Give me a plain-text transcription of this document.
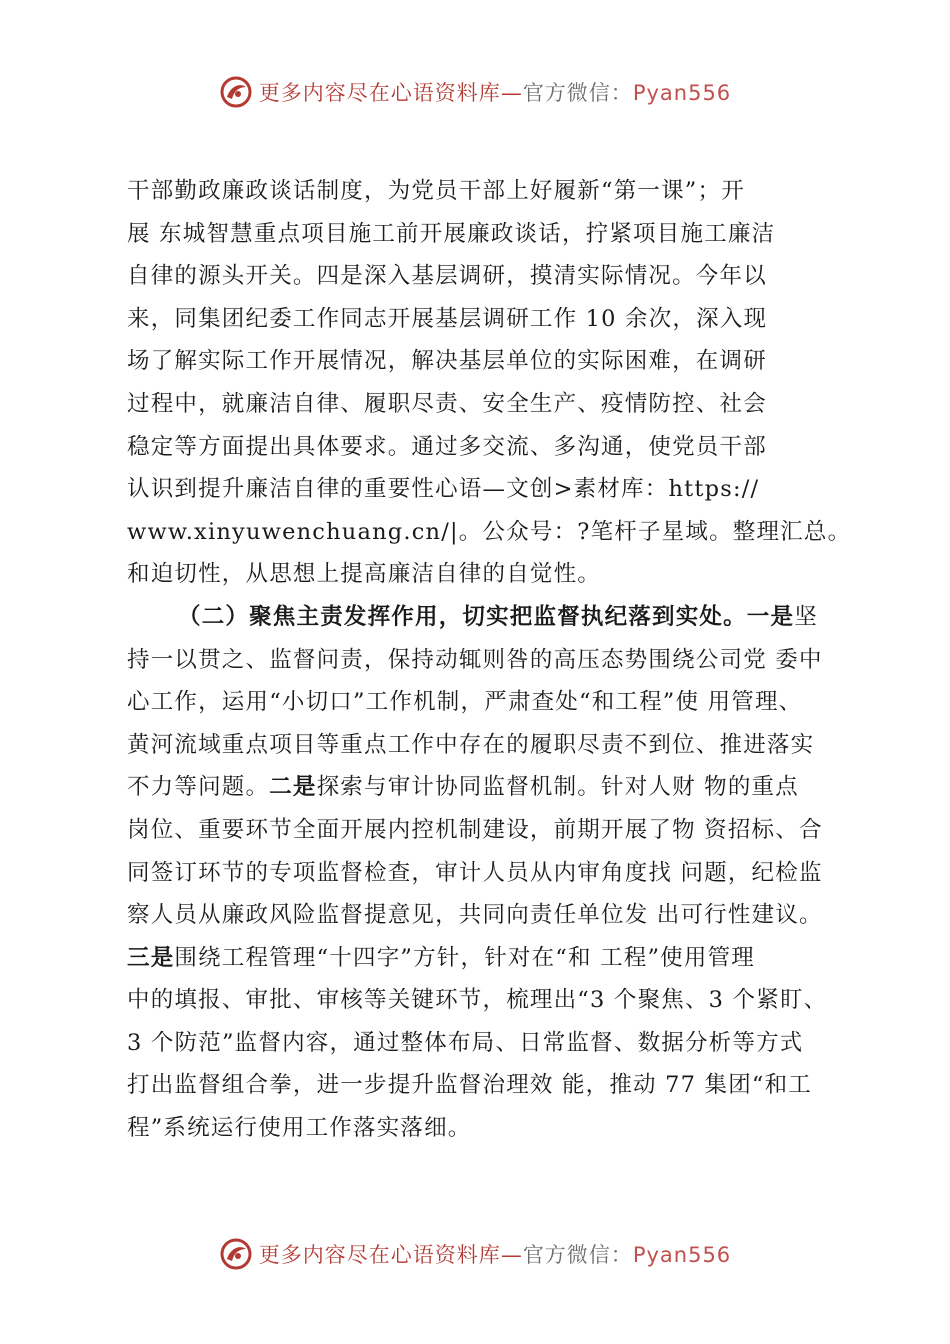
更多内容尽在心语资料库—官方微信：Pyan556
干部勤政廉政谈话制度，为党员干部上好履新“第一课”；开
展 东城智慧重点项目施工前开展廉政谈话，拧紧项目施工廉洁
自律的源头开关。四是深入基层调研，摸清实际情况。今年以
来，同集团纪委工作同志开展基层调研工作 10 余次，深入现
场了解实际工作开展情况，解决基层单位的实际困难，在调研
过程中，就廉洁自律、履职尽责、安全生产、疫情防控、社会
稳定等方面提出具体要求。通过多交流、多沟通，使党员干部
认识到提升廉洁自律的重要性心语—文创>素材库：https://
www.xinyuwenchuang.cn/|。公众号：?笔杆子星域。整理汇总。
和迫切性，从思想上提高廉洁自律的自觉性。
（二）聚焦主责发挥作用，切实把监督执纪落到实处。一是坚
持一以贯之、监督问责，保持动辄则咎的高压态势围绕公司党 委中
心工作，运用“小切口”工作机制，严肃查处“和工程”使 用管理、
黄河流域重点项目等重点工作中存在的履职尽责不到位、推进落实
不力等问题。二是探索与审计协同监督机制。针对人财 物的重点
岗位、重要环节全面开展内控机制建设，前期开展了物 资招标、合
同签订环节的专项监督检查，审计人员从内审角度找 问题，纪检监
察人员从廉政风险监督提意见，共同向责任单位发 出可行性建议。
三是围绕工程管理“十四字”方针，针对在“和 工程”使用管理
中的填报、审批、审核等关键环节，梳理出“3 个聚焦、3 个紧盯、
3 个防范”监督内容，通过整体布局、日常监督、数据分析等方式
打出监督组合拳，进一步提升监督治理效 能，推动 77 集团“和工
程”系统运行使用工作落实落细。
更多内容尽在心语资料库—官方微信：Pyan556
